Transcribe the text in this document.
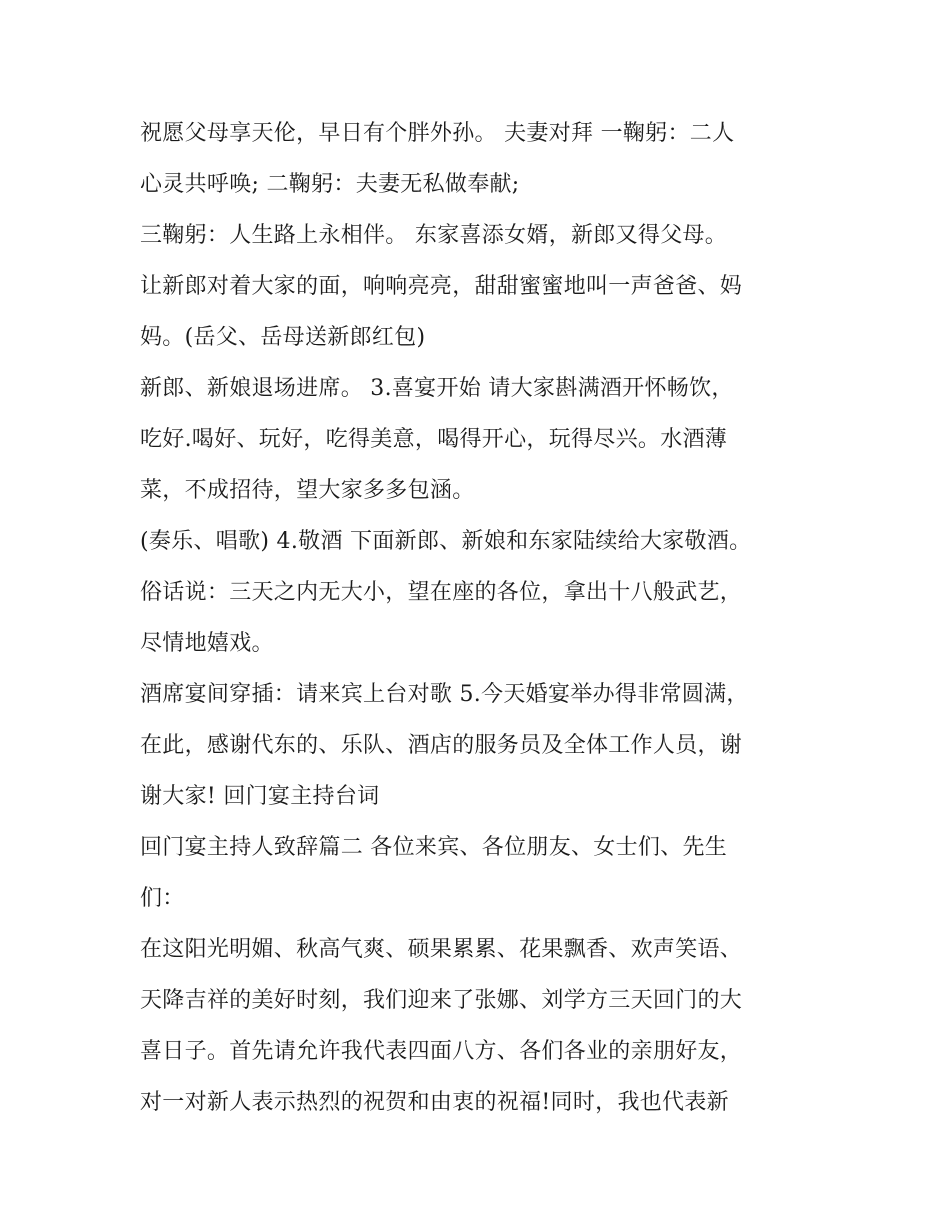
祝愿父母享天伦，早日有个胖外孙。 夫妻对拜 一鞠躬：二人
心灵共呼唤; 二鞠躬：夫妻无私做奉献;
三鞠躬：人生路上永相伴。 东家喜添女婿，新郎又得父母。
让新郎对着大家的面，响响亮亮，甜甜蜜蜜地叫一声爸爸、妈
妈。(岳父、岳母送新郎红包)
新郎、新娘退场进席。 3.喜宴开始 请大家斟满酒开怀畅饮，
吃好.喝好、玩好，吃得美意，喝得开心，玩得尽兴。水酒薄
菜，不成招待，望大家多多包涵。
(奏乐、唱歌) 4.敬酒 下面新郎、新娘和东家陆续给大家敬酒。
俗话说：三天之内无大小，望在座的各位，拿出十八般武艺，
尽情地嬉戏。
酒席宴间穿插：请来宾上台对歌 5.今天婚宴举办得非常圆满，
在此，感谢代东的、乐队、酒店的服务员及全体工作人员，谢
谢大家! 回门宴主持台词
回门宴主持人致辞篇二 各位来宾、各位朋友、女士们、先生
们：
在这阳光明媚、秋高气爽、硕果累累、花果飘香、欢声笑语、
天降吉祥的美好时刻，我们迎来了张娜、刘学方三天回门的大
喜日子。首先请允许我代表四面八方、各们各业的亲朋好友，
对一对新人表示热烈的祝贺和由衷的祝福!同时，我也代表新
